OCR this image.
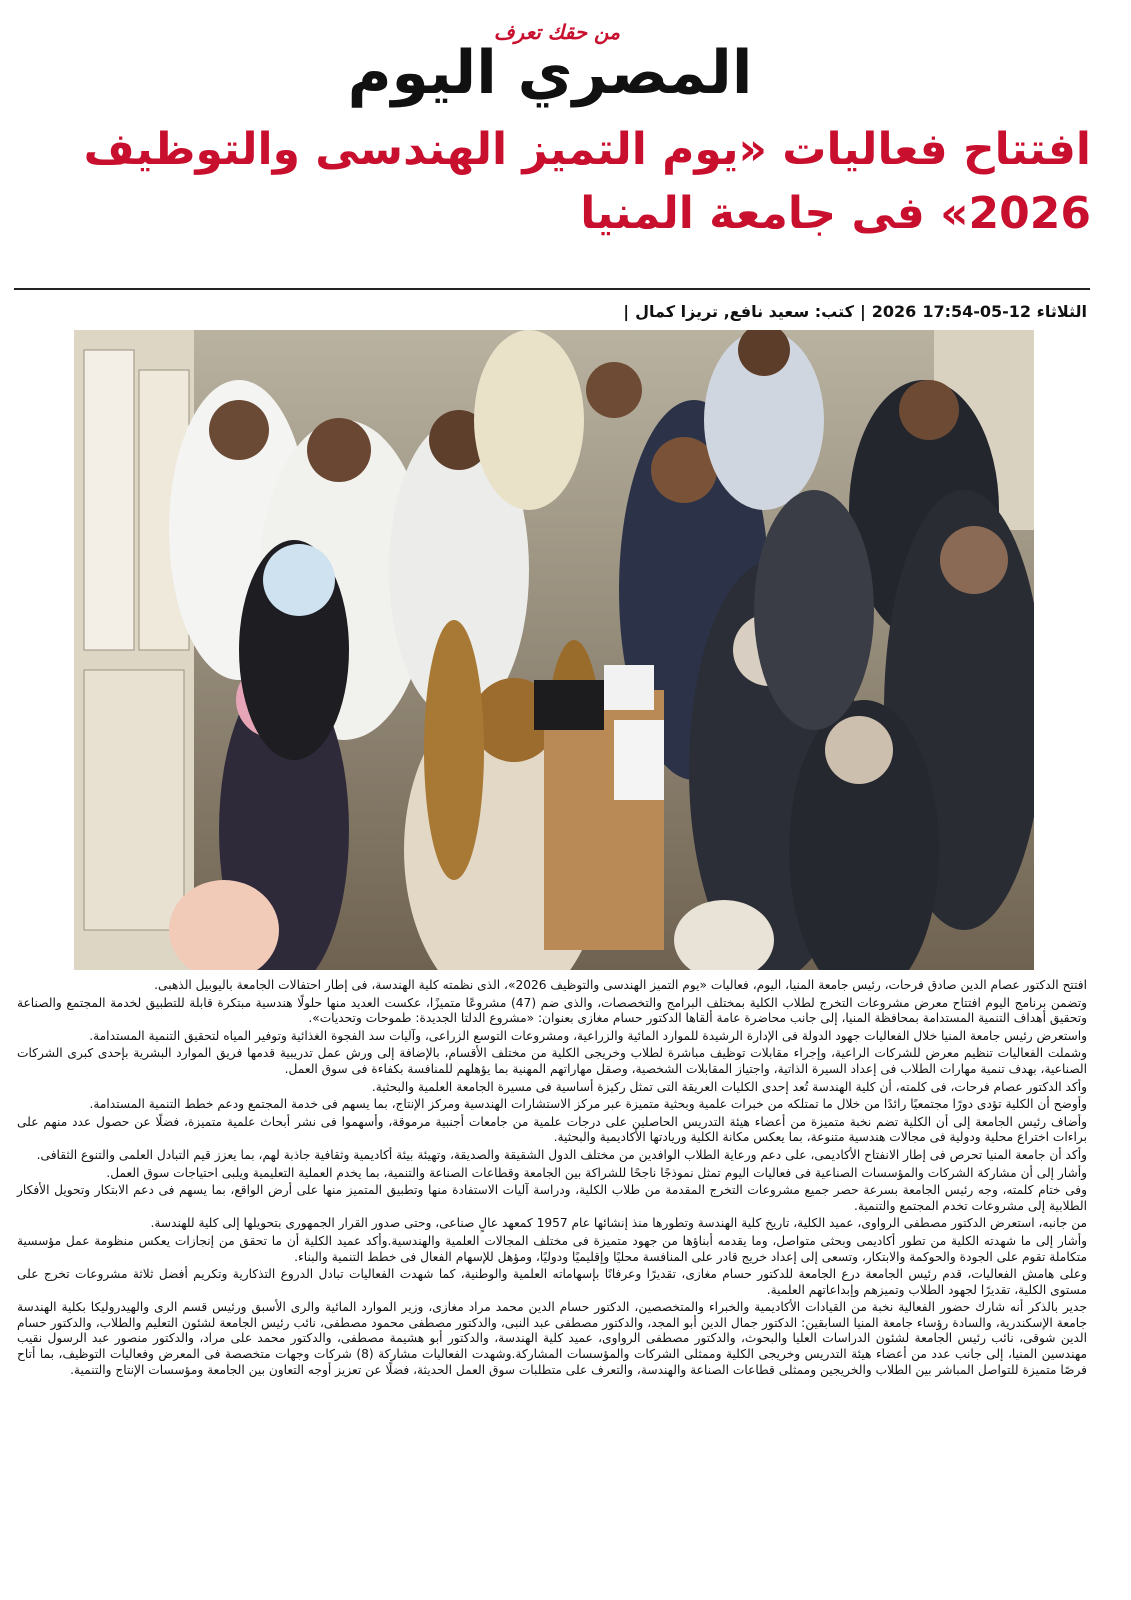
من حقك تعرف
المصري اليوم
افتتاح فعاليات «يوم التميز الهندسى والتوظيف 2026» فى جامعة المنيا
الثلاثاء 12-05-202617:54|كتب: سعيد نافع, تريزا كمال|

افتتح الدكتور عصام الدين صادق فرحات، رئيس جامعة المنيا، اليوم، فعاليات «يوم التميز الهندسى والتوظيف 2026»، الذى نظمته كلية الهندسة، فى إطار احتفالات الجامعة باليوبيل الذهبى.

وتضمن برنامج اليوم افتتاح معرض مشروعات التخرج لطلاب الكلية بمختلف البرامج والتخصصات، والذى ضم (47) مشروعًا متميزًا، عكست العديد منها حلولًا هندسية مبتكرة قابلة للتطبيق لخدمة المجتمع والصناعة وتحقيق أهداف التنمية المستدامة بمحافظة المنيا، إلى جانب محاضرة عامة ألقاها الدكتور حسام مغازى بعنوان: «مشروع الدلتا الجديدة: طموحات وتحديات».

واستعرض رئيس جامعة المنيا خلال الفعاليات جهود الدولة فى الإدارة الرشيدة للموارد المائية والزراعية، ومشروعات التوسع الزراعى، وآليات سد الفجوة الغذائية وتوفير المياه لتحقيق التنمية المستدامة.

وشملت الفعاليات تنظيم معرض للشركات الراعية، وإجراء مقابلات توظيف مباشرة لطلاب وخريجى الكلية من مختلف الأقسام، بالإضافة إلى ورش عمل تدريبية قدمها فريق الموارد البشرية بإحدى كبرى الشركات الصناعية، بهدف تنمية مهارات الطلاب فى إعداد السيرة الذاتية، واجتياز المقابلات الشخصية، وصقل مهاراتهم المهنية بما يؤهلهم للمنافسة بكفاءة فى سوق العمل.

وأكد الدكتور عصام فرحات، فى كلمته، أن كلية الهندسة تُعد إحدى الكليات العريقة التى تمثل ركيزة أساسية فى مسيرة الجامعة العلمية والبحثية.

وأوضح أن الكلية تؤدى دورًا مجتمعيًا رائدًا من خلال ما تمتلكه من خبرات علمية وبحثية متميزة عبر مركز الاستشارات الهندسية ومركز الإنتاج، بما يسهم فى خدمة المجتمع ودعم خطط التنمية المستدامة.

وأضاف رئيس الجامعة إلى أن الكلية تضم نخبة متميزة من أعضاء هيئة التدريس الحاصلين على درجات علمية من جامعات أجنبية مرموقة، وأسهموا فى نشر أبحاث علمية متميزة، فضلًا عن حصول عدد منهم على براءات اختراع محلية ودولية فى مجالات هندسية متنوعة، بما يعكس مكانة الكلية وريادتها الأكاديمية والبحثية.

وأكد أن جامعة المنيا تحرص فى إطار الانفتاح الأكاديمى، على دعم ورعاية الطلاب الوافدين من مختلف الدول الشقيقة والصديقة، وتهيئة بيئة أكاديمية وثقافية جاذبة لهم، بما يعزز قيم التبادل العلمى والتنوع الثقافى.

وأشار إلى أن مشاركة الشركات والمؤسسات الصناعية فى فعاليات اليوم تمثل نموذجًا ناجحًا للشراكة بين الجامعة وقطاعات الصناعة والتنمية، بما يخدم العملية التعليمية ويلبى احتياجات سوق العمل.

وفى ختام كلمته، وجه رئيس الجامعة بسرعة حصر جميع مشروعات التخرج المقدمة من طلاب الكلية، ودراسة آليات الاستفادة منها وتطبيق المتميز منها على أرض الواقع، بما يسهم فى دعم الابتكار وتحويل الأفكار الطلابية إلى مشروعات تخدم المجتمع والتنمية.

من جانبه، استعرض الدكتور مصطفى الرواوى، عميد الكلية، تاريخ كلية الهندسة وتطورها منذ إنشائها عام 1957 كمعهد عالٍ صناعى، وحتى صدور القرار الجمهورى بتحويلها إلى كلية للهندسة.

وأشار إلى ما شهدته الكلية من تطور أكاديمى وبحثى متواصل، وما يقدمه أبناؤها من جهود متميزة فى مختلف المجالات العلمية والهندسية.وأكد عميد الكلية أن ما تحقق من إنجازات يعكس منظومة عمل مؤسسية متكاملة تقوم على الجودة والحوكمة والابتكار، وتسعى إلى إعداد خريج قادر على المنافسة محليًا وإقليميًا ودوليًا، ومؤهل للإسهام الفعال فى خطط التنمية والبناء.

وعلى هامش الفعاليات، قدم رئيس الجامعة درع الجامعة للدكتور حسام مغازى، تقديرًا وعرفانًا بإسهاماته العلمية والوطنية، كما شهدت الفعاليات تبادل الدروع التذكارية وتكريم أفضل ثلاثة مشروعات تخرج على مستوى الكلية، تقديرًا لجهود الطلاب وتميزهم وإبداعاتهم العلمية.

جدير بالذكر أنه شارك حضور الفعالية نخبة من القيادات الأكاديمية والخبراء والمتخصصين، الدكتور حسام الدين محمد مراد مغازى، وزير الموارد المائية والرى الأسبق ورئيس قسم الرى والهيدروليكا بكلية الهندسة جامعة الإسكندرية، والسادة رؤساء جامعة المنيا السابقين: الدكتور جمال الدين أبو المجد، والدكتور مصطفى عبد النبى، والدكتور مصطفى محمود مصطفى، نائب رئيس الجامعة لشئون التعليم والطلاب، والدكتور حسام الدين شوقى، نائب رئيس الجامعة لشئون الدراسات العليا والبحوث، والدكتور مصطفى الرواوى، عميد كلية الهندسة، والدكتور أبو هشيمة مصطفى، والدكتور محمد على مراد، والدكتور منصور عبد الرسول نقيب مهندسين المنيا، إلى جانب عدد من أعضاء هيئة التدريس وخريجى الكلية وممثلى الشركات والمؤسسات المشاركة.وشهدت الفعاليات مشاركة (8) شركات وجهات متخصصة فى المعرض وفعاليات التوظيف، بما أتاح فرصًا متميزة للتواصل المباشر بين الطلاب والخريجين وممثلى قطاعات الصناعة والهندسة، والتعرف على متطلبات سوق العمل الحديثة، فضلًا عن تعزيز أوجه التعاون بين الجامعة ومؤسسات الإنتاج والتنمية.
